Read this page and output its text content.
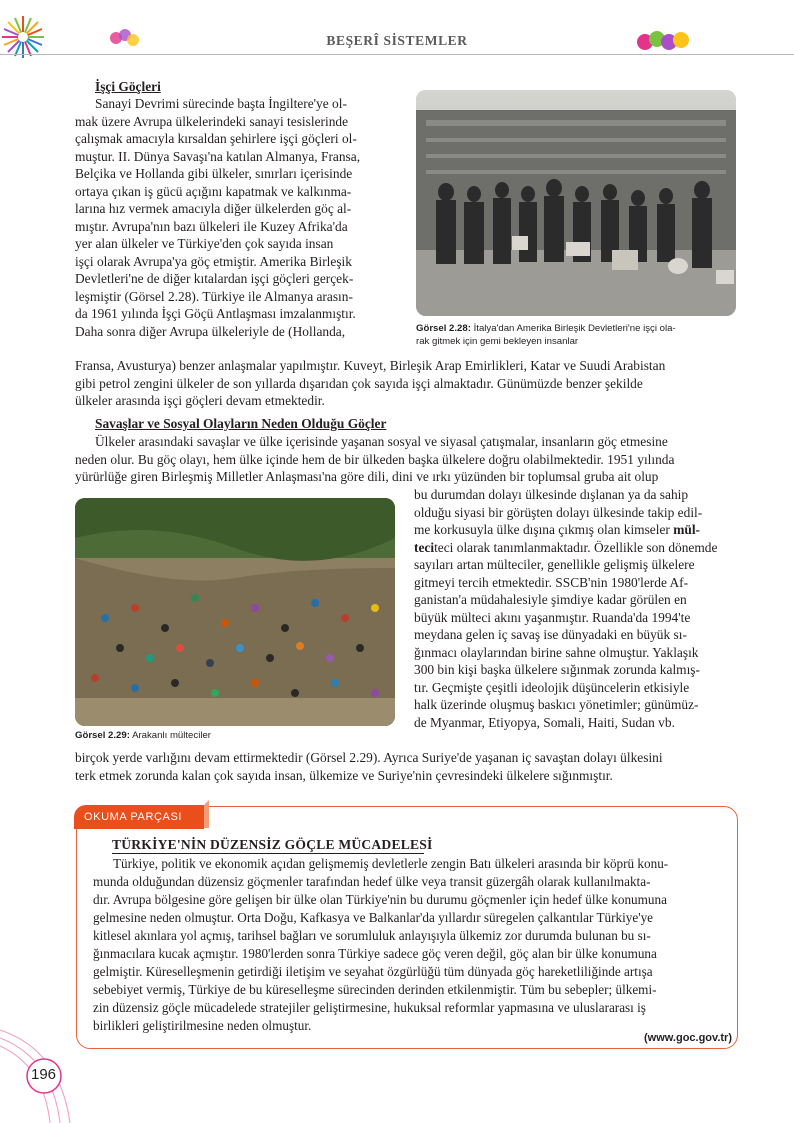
BEŞERÎ SİSTEMLER
İşçi Göçleri

Sanayi Devrimi sürecinde başta İngiltere'ye ol-

mak üzere Avrupa ülkelerindeki sanayi tesislerinde

çalışmak amacıyla kırsaldan şehirlere işçi göçleri ol-

muştur. II. Dünya Savaşı'na katılan Almanya, Fransa,

Belçika ve Hollanda gibi ülkeler, sınırları içerisinde

ortaya çıkan iş gücü açığını kapatmak ve kalkınma-

larına hız vermek amacıyla diğer ülkelerden göç al-

mıştır. Avrupa'nın bazı ülkeleri ile Kuzey Afrika'da

yer alan ülkeler ve Türkiye'den çok sayıda insan

işçi olarak Avrupa'ya göç etmiştir. Amerika Birleşik

Devletleri'ne de diğer kıtalardan işçi göçleri gerçek-

leşmiştir (Görsel 2.28). Türkiye ile Almanya arasın-

da 1961 yılında İşçi Göçü Antlaşması imzalanmıştır.

Daha sonra diğer Avrupa ülkeleriyle de (Hollanda,	Görsel 2.28: İtalya'dan Amerika Birleşik Devletleri'ne işçi ola-
rak gitmek için gemi bekleyen insanlar

Fransa, Avusturya) benzer anlaşmalar yapılmıştır. Kuveyt, Birleşik Arap Emirlikleri, Katar ve Suudi Arabistan

gibi petrol zengini ülkeler de son yıllarda dışarıdan çok sayıda işçi almaktadır. Günümüzde benzer şekilde

ülkeler arasında işçi göçleri devam etmektedir.

Savaşlar ve Sosyal Olayların Neden Olduğu Göçler

Ülkeler arasındaki savaşlar ve ülke içerisinde yaşanan sosyal ve siyasal çatışmalar, insanların göç etmesine

neden olur. Bu göç olayı, hem ülke içinde hem de bir ülkeden başka ülkelere doğru olabilmektedir. 1951 yılında

yürürlüğe giren Birleşmiş Milletler Anlaşması'na göre dili, dini ve ırkı yüzünden bir toplumsal gruba ait olup

Görsel 2.29: Arakanlı mülteciler

bu durumdan dolayı ülkesinde dışlanan ya da sahip

olduğu siyasi bir görüşten dolayı ülkesinde takip edil-

me korkusuyla ülke dışına çıkmış olan kimseler mül-

teciteci olarak tanımlanmaktadır. Özellikle son dönemde

sayıları artan mülteciler, genellikle gelişmiş ülkelere

gitmeyi tercih etmektedir. SSCB'nin 1980'lerde Af-

ganistan'a müdahalesiyle şimdiye kadar görülen en

büyük mülteci akını yaşanmıştır. Ruanda'da 1994'te

meydana gelen iç savaş ise dünyadaki en büyük sı-

ğınmacı olaylarından birine sahne olmuştur. Yaklaşık

300 bin kişi başka ülkelere sığınmak zorunda kalmış-

tır. Geçmişte çeşitli ideolojik düşüncelerin etkisiyle

halk üzerinde oluşmuş baskıcı yönetimler; günümüz-

de Myanmar, Etiyopya, Somali, Haiti, Sudan vb.

birçok yerde varlığını devam ettirmektedir (Görsel 2.29). Ayrıca Suriye'de yaşanan iç savaştan dolayı ülkesini

terk etmek zorunda kalan çok sayıda insan, ülkemize ve Suriye'nin çevresindeki ülkelere sığınmıştır.

OKUMA PARÇASI
TÜRKİYE'NİN DÜZENSİZ GÖÇLE MÜCADELESİ

Türkiye, politik ve ekonomik açıdan gelişmemiş devletlerle zengin Batı ülkeleri arasında bir köprü konu-

munda olduğundan düzensiz göçmenler tarafından hedef ülke veya transit güzergâh olarak kullanılmakta-

dır. Avrupa bölgesine göre gelişen bir ülke olan Türkiye'nin bu durumu göçmenler için hedef ülke konumuna

gelmesine neden olmuştur. Orta Doğu, Kafkasya ve Balkanlar'da yıllardır süregelen çalkantılar Türkiye'ye

kitlesel akınlara yol açmış, tarihsel bağları ve sorumluluk anlayışıyla ülkemiz zor durumda bulunan bu sı-

ğınmacılara kucak açmıştır. 1980'lerden sonra Türkiye sadece göç veren değil, göç alan bir ülke konumuna

gelmiştir. Küreselleşmenin getirdiği iletişim ve seyahat özgürlüğü tüm dünyada göç hareketliliğinde artışa

sebebiyet vermiş, Türkiye de bu küreselleşme sürecinden derinden etkilenmiştir. Tüm bu sebepler; ülkemi-

zin düzensiz göçle mücadelede stratejiler geliştirmesine, hukuksal reformlar yapmasına ve uluslararası iş

birlikleri geliştirilmesine neden olmuştur.

(www.goc.gov.tr)
196
